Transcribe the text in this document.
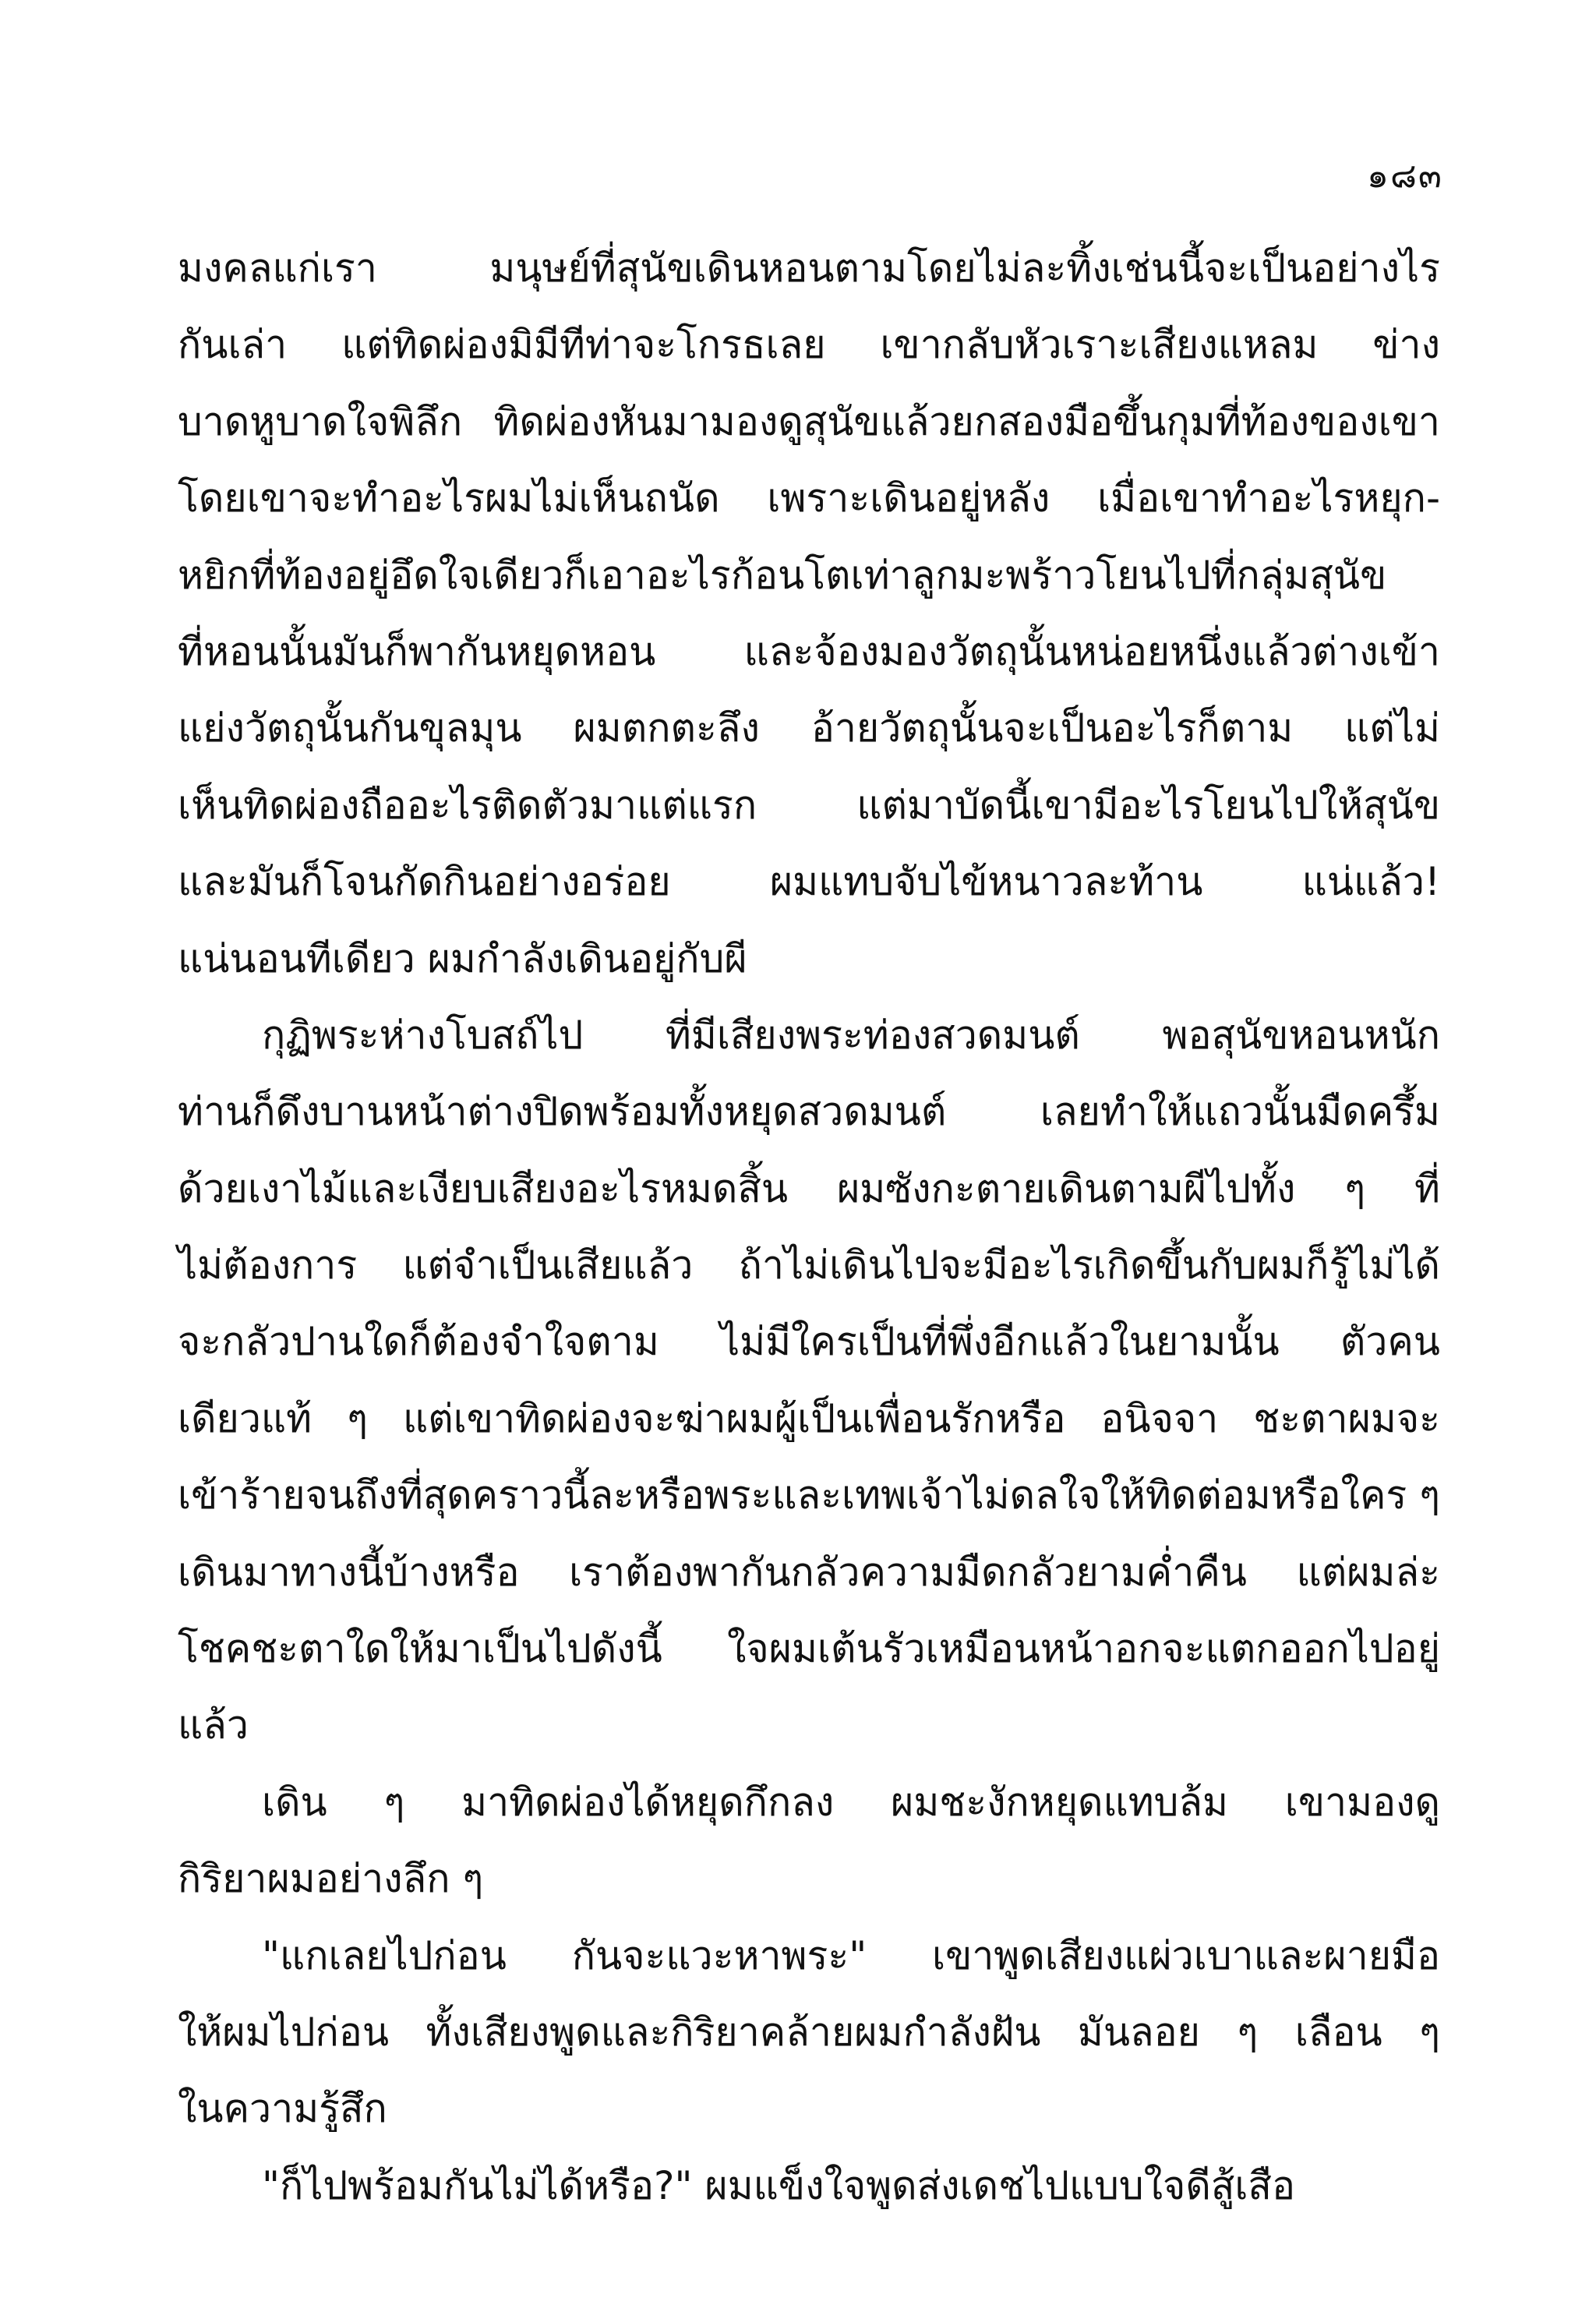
๑๘๓
มงคลแก่เรา มนุษย์ที่สุนัขเดินหอนตามโดยไม่ละทิ้งเช่นนี้จะเป็นอย่างไร
กันเล่า แต่ทิดผ่องมิมีทีท่าจะโกรธเลย เขากลับหัวเราะเสียงแหลม ข่าง
บาดหูบาดใจพิลึก ทิดผ่องหันมามองดูสุนัขแล้วยกสองมือขึ้นกุมที่ท้องของเขา
โดยเขาจะทำอะไรผมไม่เห็นถนัด เพราะเดินอยู่หลัง เมื่อเขาทำอะไรหยุก-
หยิกที่ท้องอยู่อึดใจเดียวก็เอาอะไรก้อนโตเท่าลูกมะพร้าวโยนไปที่กลุ่มสุนัข
ที่หอนนั้นมันก็พากันหยุดหอน และจ้องมองวัตถุนั้นหน่อยหนึ่งแล้วต่างเข้า
แย่งวัตถุนั้นกันขุลมุน ผมตกตะลึง อ้ายวัตถุนั้นจะเป็นอะไรก็ตาม แต่ไม่
เห็นทิดผ่องถืออะไรติดตัวมาแต่แรก แต่มาบัดนี้เขามีอะไรโยนไปให้สุนัข
และมันก็โจนกัดกินอย่างอร่อย ผมแทบจับไข้หนาวละท้าน แน่แล้ว!
แน่นอนทีเดียว ผมกำลังเดินอยู่กับผี
กุฏิพระห่างโบสถ์ไป ที่มีเสียงพระท่องสวดมนต์ พอสุนัขหอนหนัก
ท่านก็ดึงบานหน้าต่างปิดพร้อมทั้งหยุดสวดมนต์ เลยทำให้แถวนั้นมืดครึ้ม
ด้วยเงาไม้และเงียบเสียงอะไรหมดสิ้น ผมซังกะตายเดินตามผีไปทั้ง ๆ ที่
ไม่ต้องการ แต่จำเป็นเสียแล้ว ถ้าไม่เดินไปจะมีอะไรเกิดขึ้นกับผมก็รู้ไม่ได้
จะกลัวปานใดก็ต้องจำใจตาม ไม่มีใครเป็นที่พึ่งอีกแล้วในยามนั้น ตัวคน
เดียวแท้ ๆ แต่เขาทิดผ่องจะฆ่าผมผู้เป็นเพื่อนรักหรือ อนิจจา ชะตาผมจะ
เข้าร้ายจนถึงที่สุดคราวนี้ละหรือพระและเทพเจ้าไม่ดลใจให้ทิดต่อมหรือใคร ๆ
เดินมาทางนี้บ้างหรือ เราต้องพากันกลัวความมืดกลัวยามค่ำคืน แต่ผมล่ะ
โชคชะตาใดให้มาเป็นไปดังนี้ ใจผมเต้นรัวเหมือนหน้าอกจะแตกออกไปอยู่
แล้ว
เดิน ๆ มาทิดผ่องได้หยุดกึกลง ผมชะงักหยุดแทบล้ม เขามองดู
กิริยาผมอย่างลึก ๆ
"แกเลยไปก่อน กันจะแวะหาพระ" เขาพูดเสียงแผ่วเบาและผายมือ
ให้ผมไปก่อน ทั้งเสียงพูดและกิริยาคล้ายผมกำลังฝัน มันลอย ๆ เลือน ๆ
ในความรู้สึก
"ก็ไปพร้อมกันไม่ได้หรือ?" ผมแข็งใจพูดส่งเดชไปแบบใจดีสู้เสือ
